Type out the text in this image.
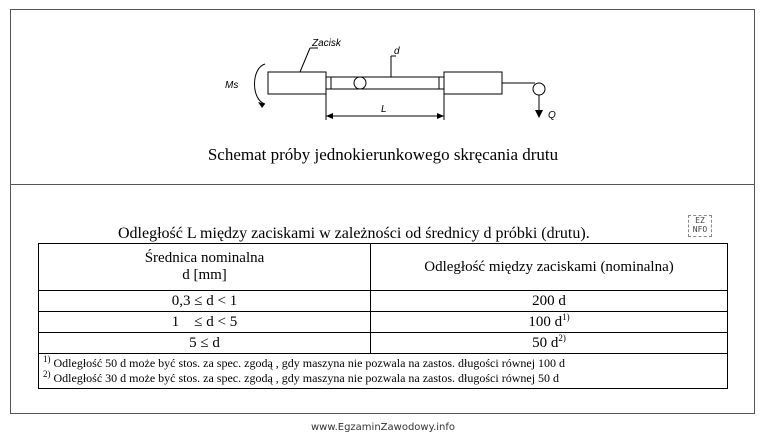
Zacisk
Ms
d
L
Q
Schemat próby jednokierunkowego skręcania drutu
Odległość L między zaciskami w zależności od średnicy d próbki (drutu).
EZ
NFO
Średnica nominalna
d [mm]	Odległość między zaciskami (nominalna)
0,3 ≤ d < 1	200 d
1    ≤ d < 5	100 $d^{1)}$
5 ≤ d	50 $d^{2)}$

$^{1)}$ Odległość 50 d może być stos. za spec. zgodą , gdy maszyna nie pozwala na zastos. długości równej 100 d
$^{2)}$ Odległość 30 d może być stos. za spec. zgodą , gdy maszyna nie pozwala na zastos. długości równej 50 d	
www.EgzaminZawodowy.info
